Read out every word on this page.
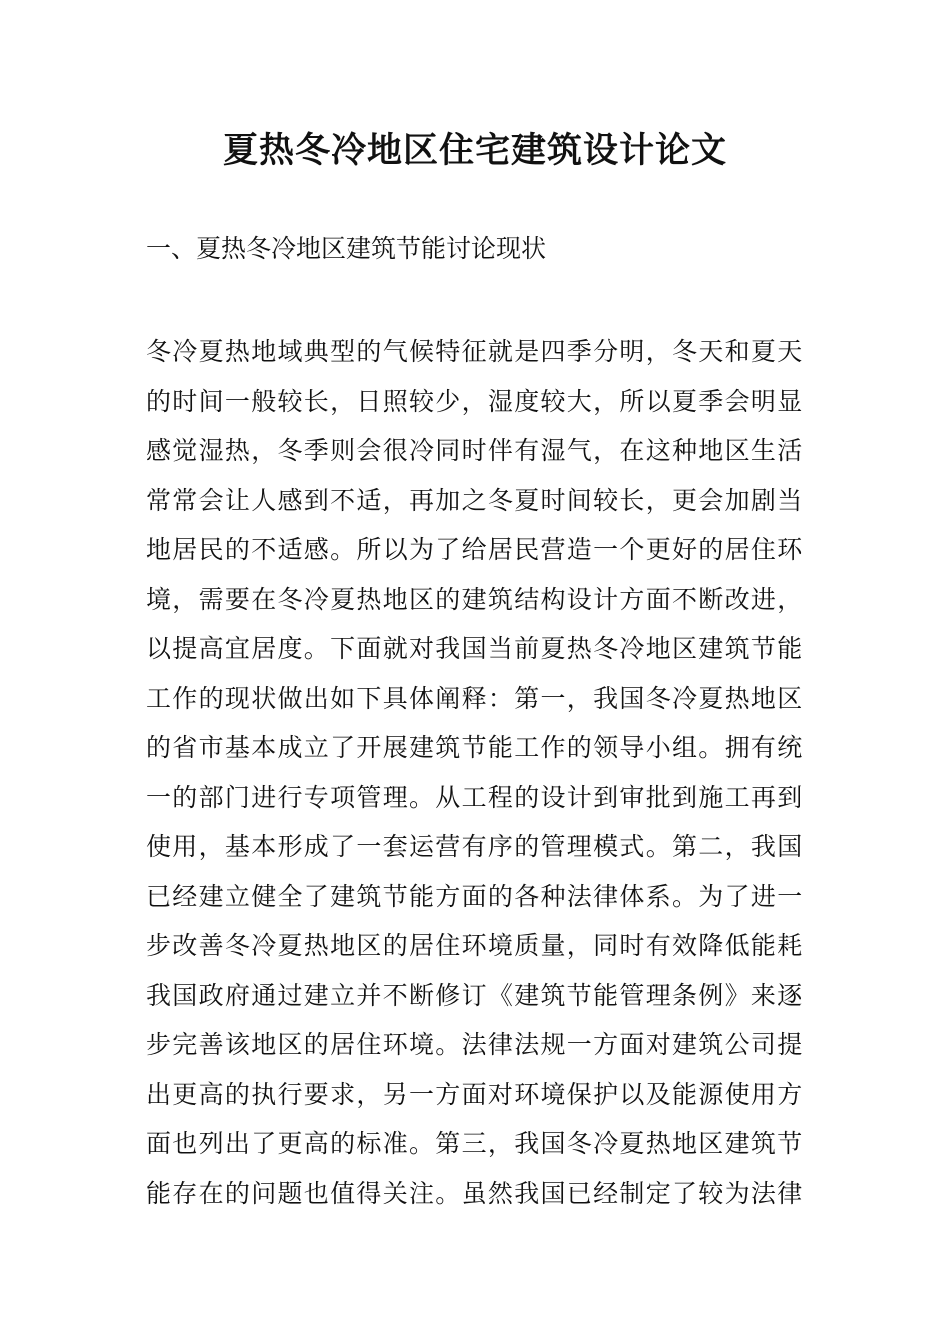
夏热冬冷地区住宅建筑设计论文
一、夏热冬冷地区建筑节能讨论现状
冬冷夏热地域典型的气候特征就是四季分明，冬天和夏天
的时间一般较长，日照较少，湿度较大，所以夏季会明显
感觉湿热，冬季则会很冷同时伴有湿气，在这种地区生活
常常会让人感到不适，再加之冬夏时间较长，更会加剧当
地居民的不适感。所以为了给居民营造一个更好的居住环
境，需要在冬冷夏热地区的建筑结构设计方面不断改进，
以提高宜居度。下面就对我国当前夏热冬冷地区建筑节能
工作的现状做出如下具体阐释：第一，我国冬冷夏热地区
的省市基本成立了开展建筑节能工作的领导小组。拥有统
一的部门进行专项管理。从工程的设计到审批到施工再到
使用，基本形成了一套运营有序的管理模式。第二，我国
已经建立健全了建筑节能方面的各种法律体系。为了进一
步改善冬冷夏热地区的居住环境质量，同时有效降低能耗
我国政府通过建立并不断修订《建筑节能管理条例》来逐
步完善该地区的居住环境。法律法规一方面对建筑公司提
出更高的执行要求，另一方面对环境保护以及能源使用方
面也列出了更高的标准。第三，我国冬冷夏热地区建筑节
能存在的问题也值得关注。虽然我国已经制定了较为法律
